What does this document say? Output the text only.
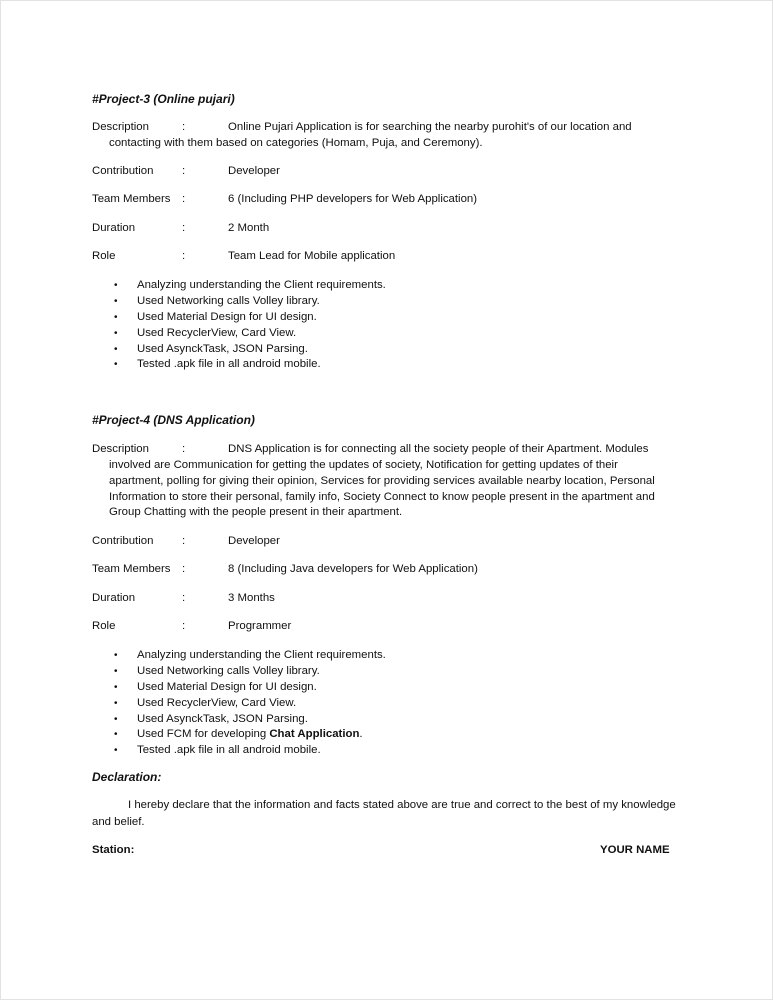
#Project-3 (Online pujari)
Description	:	Online Pujari Application is for searching the nearby purohit's of our location and
contacting with them based on categories (Homam, Puja, and Ceremony).
Contribution	:	Developer
Team Members :	6 (Including PHP developers for Web Application)
Duration	:	2 Month
Role	:	Team Lead for Mobile application
• Analyzing understanding the Client requirements.
• Used Networking calls Volley library.
• Used Material Design for UI design.
• Used RecyclerView, Card View.
• Used AsynckTask, JSON Parsing.
• Tested .apk file in all android mobile.
#Project-4 (DNS Application)
Description	:	DNS Application is for connecting all the society people of their Apartment. Modules
involved are Communication for getting the updates of society, Notification for getting updates of their
apartment, polling for giving their opinion, Services for providing services available nearby location, Personal
Information to store their personal, family info, Society Connect to know people present in the apartment and
Group Chatting with the people present in their apartment.
Contribution	:	Developer
Team Members :	8 (Including Java developers for Web Application)
Duration	:	3 Months
Role	:	Programmer
• Analyzing understanding the Client requirements.
• Used Networking calls Volley library.
• Used Material Design for UI design.
• Used RecyclerView, Card View.
• Used AsynckTask, JSON Parsing.
• Used FCM for developing Chat Application.
• Tested .apk file in all android mobile.
Declaration:
I hereby declare that the information and facts stated above are true and correct to the best of my knowledge
and belief.
Station:	YOUR NAME
